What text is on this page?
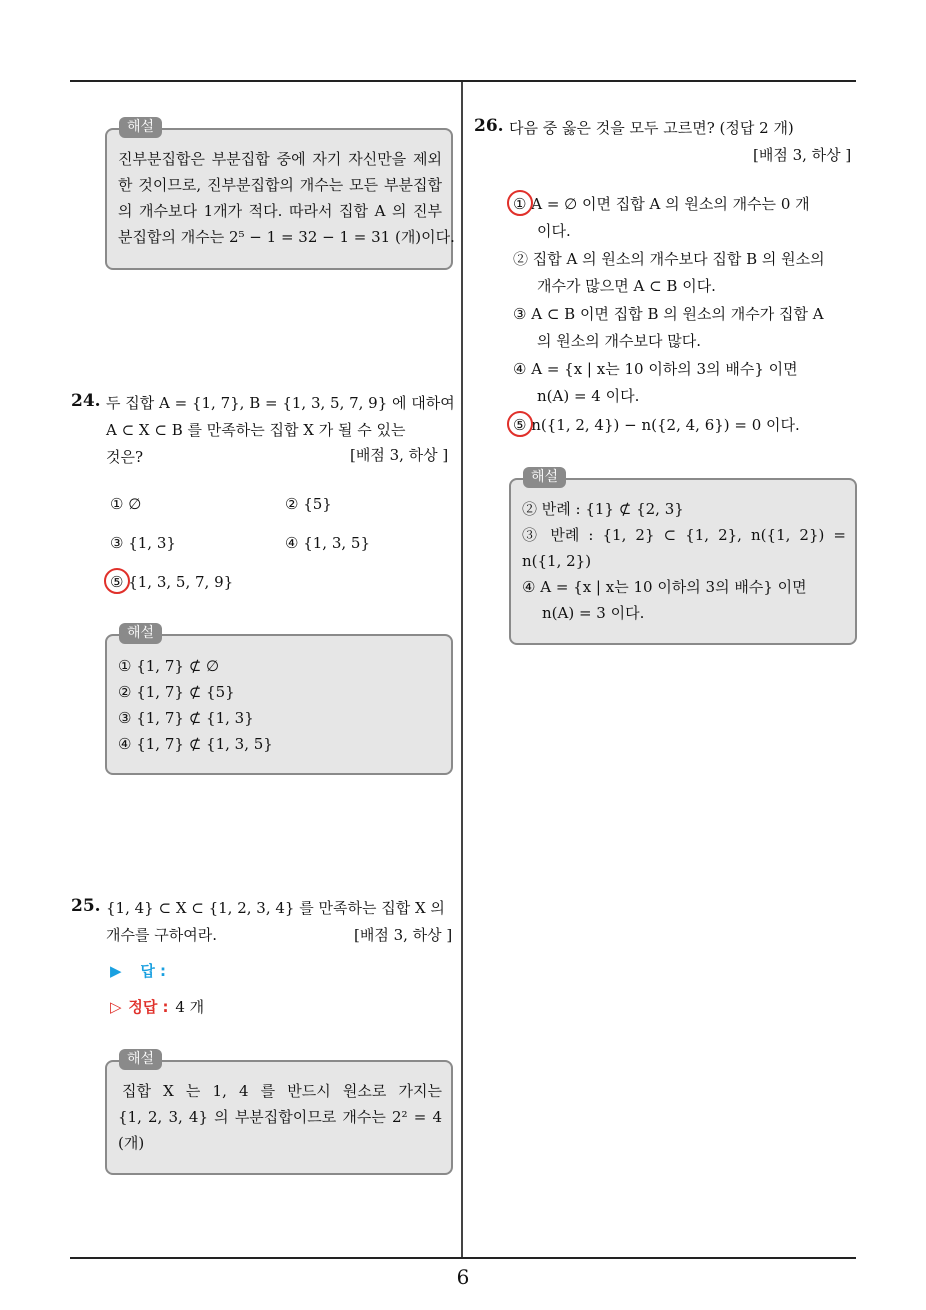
해설
진부분집합은 부분집합 중에 자기 자신만을 제외
한 것이므로, 진부분집합의 개수는 모든 부분집합
의 개수보다 1개가 적다. 따라서 집합 A 의 진부
분집합의 개수는 2⁵ − 1 = 32 − 1 = 31 (개)이다.
24. 두 집합 A = {1, 7}, B = {1, 3, 5, 7, 9} 에 대하여
A ⊂ X ⊂ B 를 만족하는 집합 X 가 될 수 있는
것은?	[배점 3, 하상 ]
① ∅	② {5}
③ {1, 3}	④ {1, 3, 5}
⑤ {1, 3, 5, 7, 9}
해설
① {1, 7} ⊄ ∅
② {1, 7} ⊄ {5}
③ {1, 7} ⊄ {1, 3}
④ {1, 7} ⊄ {1, 3, 5}
25. {1, 4} ⊂ X ⊂ {1, 2, 3, 4} 를 만족하는 집합 X 의
개수를 구하여라.	[배점 3, 하상 ]
▶ 답 :
▷ 정답 : 4 개
해설
집합 X 는 1, 4 를 반드시 원소로 가지는
{1, 2, 3, 4} 의 부분집합이므로 개수는 2² = 4
(개)
26. 다음 중 옳은 것을 모두 고르면? (정답 2 개)
[배점 3, 하상 ]
① A = ∅ 이면 집합 A 의 원소의 개수는 0 개
이다.
② 집합 A 의 원소의 개수보다 집합 B 의 원소의
개수가 많으면 A ⊂ B 이다.
③ A ⊂ B 이면 집합 B 의 원소의 개수가 집합 A
의 원소의 개수보다 많다.
④ A = {x | x는 10 이하의 3의 배수} 이면
n(A) = 4 이다.
⑤ n({1, 2, 4}) − n({2, 4, 6}) = 0 이다.
해설
② 반례 : {1} ⊄ {2, 3}
③ 반례 : {1, 2} ⊂ {1, 2}, n({1, 2}) =
n({1, 2})
④ A = {x | x는 10 이하의 3의 배수} 이면
n(A) = 3 이다.
6
